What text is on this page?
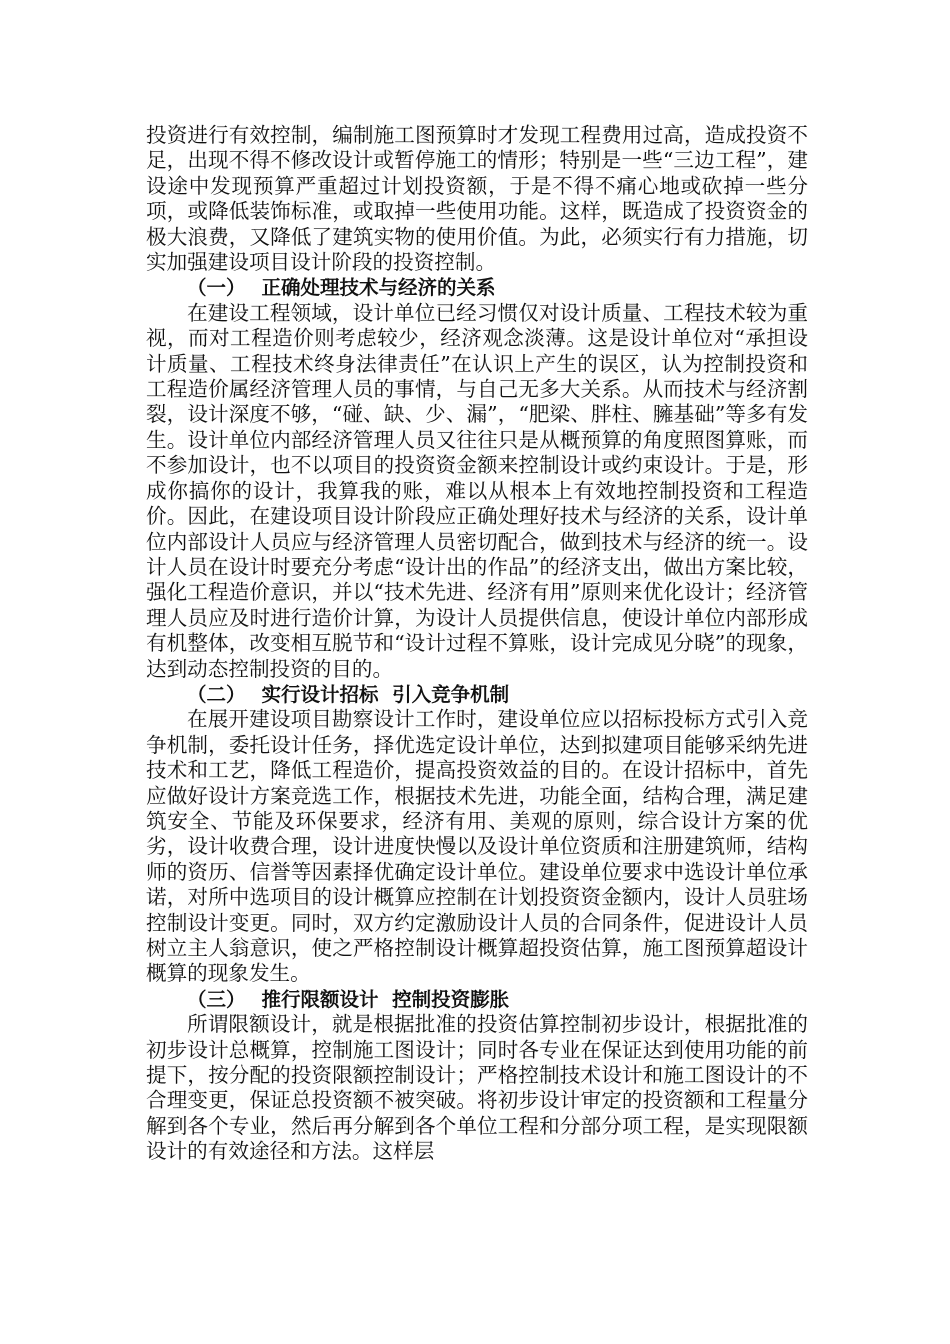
投资进行有效控制，编制施工图预算时才发现工程费用过高，造成投资不足，出现不得不修改设计或暂停施工的情形；特别是一些“三边工程”，建设途中发现预算严重超过计划投资额，于是不得不痛心地或砍掉一些分项，或降低装饰标准，或取掉一些使用功能。这样，既造成了投资资金的极大浪费，又降低了建筑实物的使用价值。为此，必须实行有力措施，切实加强建设项目设计阶段的投资控制。

（一） 正确处理技术与经济的关系

在建设工程领域，设计单位已经习惯仅对设计质量、工程技术较为重视，而对工程造价则考虑较少，经济观念淡薄。这是设计单位对“承担设计质量、工程技术终身法律责任”在认识上产生的误区，认为控制投资和工程造价属经济管理人员的事情，与自己无多大关系。从而技术与经济割裂，设计深度不够，“碰、缺、少、漏”，“肥梁、胖柱、臃基础”等多有发生。设计单位内部经济管理人员又往往只是从概预算的角度照图算账，而不参加设计，也不以项目的投资资金额来控制设计或约束设计。于是，形成你搞你的设计，我算我的账，难以从根本上有效地控制投资和工程造价。因此，在建设项目设计阶段应正确处理好技术与经济的关系，设计单位内部设计人员应与经济管理人员密切配合，做到技术与经济的统一。设计人员在设计时要充分考虑“设计出的作品”的经济支出，做出方案比较，强化工程造价意识，并以“技术先进、经济有用”原则来优化设计；经济管理人员应及时进行造价计算，为设计人员提供信息，使设计单位内部形成有机整体，改变相互脱节和“设计过程不算账，设计完成见分晓”的现象，达到动态控制投资的目的。

（二） 实行设计招标  引入竞争机制

在展开建设项目勘察设计工作时，建设单位应以招标投标方式引入竞争机制，委托设计任务，择优选定设计单位，达到拟建项目能够采纳先进技术和工艺，降低工程造价，提高投资效益的目的。在设计招标中，首先应做好设计方案竞选工作，根据技术先进，功能全面，结构合理，满足建筑安全、节能及环保要求，经济有用、美观的原则，综合设计方案的优劣，设计收费合理，设计进度快慢以及设计单位资质和注册建筑师，结构师的资历、信誉等因素择优确定设计单位。建设单位要求中选设计单位承诺，对所中选项目的设计概算应控制在计划投资资金额内，设计人员驻场控制设计变更。同时，双方约定激励设计人员的合同条件，促进设计人员树立主人翁意识，使之严格控制设计概算超投资估算，施工图预算超设计概算的现象发生。

（三） 推行限额设计  控制投资膨胀

所谓限额设计，就是根据批准的投资估算控制初步设计，根据批准的初步设计总概算，控制施工图设计；同时各专业在保证达到使用功能的前提下，按分配的投资限额控制设计；严格控制技术设计和施工图设计的不合理变更，保证总投资额不被突破。将初步设计审定的投资额和工程量分解到各个专业，然后再分解到各个单位工程和分部分项工程，是实现限额设计的有效途径和方法。这样层
